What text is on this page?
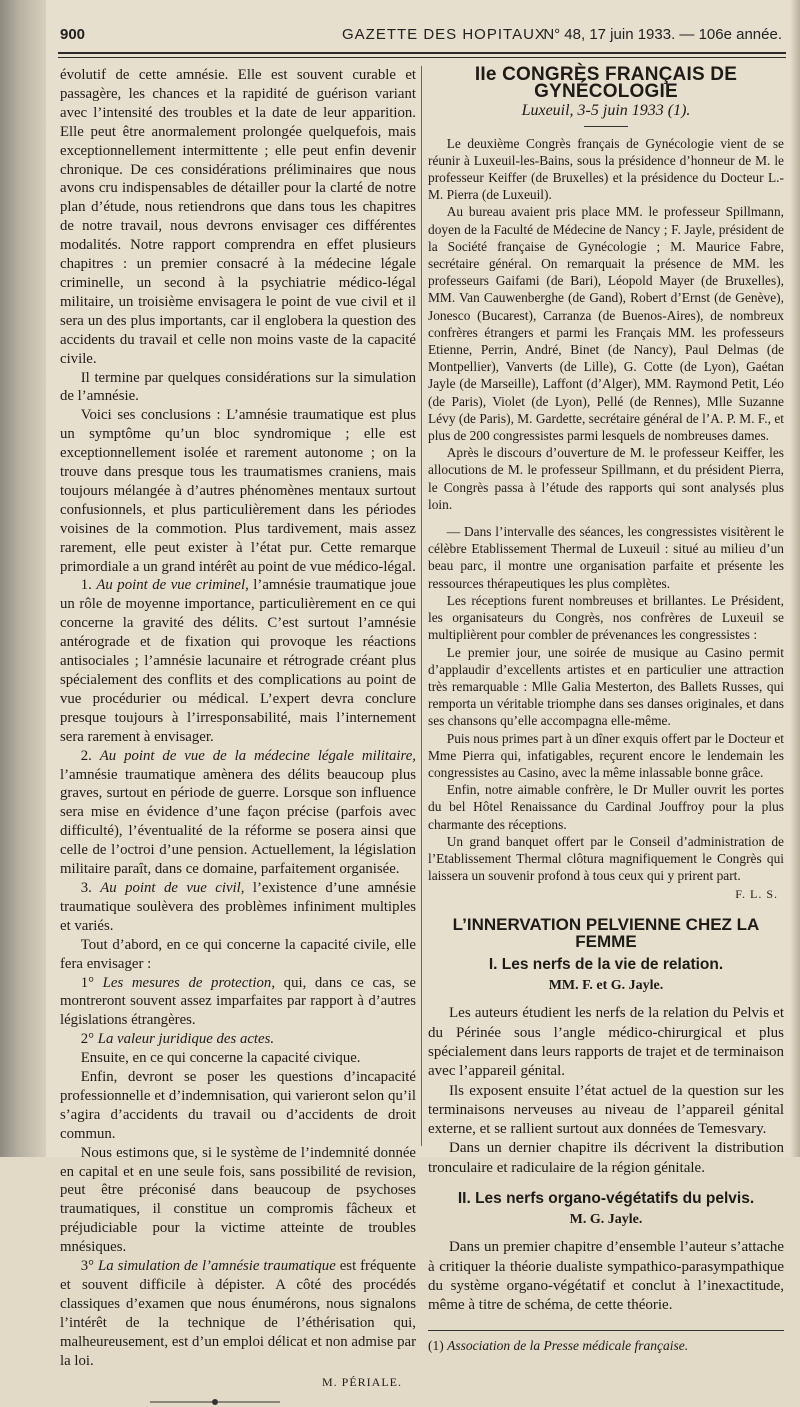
900	GAZETTE DES HOPITAUX
N° 48, 17 juin 1933. — 106e année.

évolutif de cette amnésie. Elle est souvent curable et passagère, les chances et la rapidité de guérison variant avec l’intensité des troubles et la date de leur apparition. Elle peut être anormalement prolongée quelquefois, mais exceptionnellement intermittente ; elle peut enfin devenir chronique. De ces considérations préliminaires que nous avons cru indispensables de détailler pour la clarté de notre plan d’étude, nous retiendrons que dans tous les chapitres de notre travail, nous devrons envisager ces différentes modalités. Notre rapport comprendra en effet plusieurs chapitres : un premier consacré à la médecine légale criminelle, un second à la psychiatrie médico-légal militaire, un troisième envisagera le point de vue civil et il sera un des plus importants, car il englobera la question des accidents du travail et celle non moins vaste de la capacité civile.

Il termine par quelques considérations sur la simulation de l’amnésie.

Voici ses conclusions : L’amnésie traumatique est plus un symptôme qu’un bloc syndromique ; elle est exceptionnellement isolée et rarement autonome ; on la trouve dans presque tous les traumatismes craniens, mais toujours mélangée à d’autres phénomènes mentaux surtout confusionnels, et plus particulièrement dans les périodes voisines de la commotion. Plus tardivement, mais assez rarement, elle peut exister à l’état pur. Cette remarque primordiale a un grand intérêt au point de vue médico-légal.

1. Au point de vue criminel, l’amnésie traumatique joue un rôle de moyenne importance, particulièrement en ce qui concerne la gravité des délits. C’est surtout l’amnésie antérograde et de fixation qui provoque les réactions antisociales ; l’amnésie lacunaire et rétrograde créant plus spécialement des conflits et des complications au point de vue procédurier ou médical. L’expert devra conclure presque toujours à l’irresponsabilité, mais l’internement sera rarement à envisager.

2. Au point de vue de la médecine légale militaire, l’amnésie traumatique amènera des délits beaucoup plus graves, surtout en période de guerre. Lorsque son influence sera mise en évidence d’une façon précise (parfois avec difficulté), l’éventualité de la réforme se posera ainsi que celle de l’octroi d’une pension. Actuellement, la législation militaire paraît, dans ce domaine, parfaitement organisée.

3. Au point de vue civil, l’existence d’une amnésie traumatique soulèvera des problèmes infiniment multiples et variés.

Tout d’abord, en ce qui concerne la capacité civile, elle fera envisager :

1° Les mesures de protection, qui, dans ce cas, se montreront souvent assez imparfaites par rapport à d’autres législations étrangères.

2° La valeur juridique des actes.

Ensuite, en ce qui concerne la capacité civique.

Enfin, devront se poser les questions d’incapacité professionnelle et d’indemnisation, qui varieront selon qu’il s’agira d’accidents du travail ou d’accidents de droit commun.

Nous estimons que, si le système de l’indemnité donnée en capital et en une seule fois, sans possibilité de revision, peut être préconisé dans beaucoup de psychoses traumatiques, il constitue un compromis fâcheux et préjudiciable pour la victime atteinte de troubles mnésiques.

3° La simulation de l’amnésie traumatique est fréquente et souvent difficile à dépister. A côté des procédés classiques d’examen que nous énumérons, nous signalons l’intérêt de la technique de l’éthérisation qui, malheureusement, est d’un emploi délicat et non admise par la loi.

M. PÉRIALE.
IIe CONGRÈS FRANÇAIS DE GYNÉCOLOGIE
Luxeuil, 3-5 juin 1933 (1).

Le deuxième Congrès français de Gynécologie vient de se réunir à Luxeuil-les-Bains, sous la présidence d’honneur de M. le professeur Keiffer (de Bruxelles) et la présidence du Docteur L.-M. Pierra (de Luxeuil).

Au bureau avaient pris place MM. le professeur Spillmann, doyen de la Faculté de Médecine de Nancy ; F. Jayle, président de la Société française de Gynécologie ; M. Maurice Fabre, secrétaire général. On remarquait la présence de MM. les professeurs Gaifami (de Bari), Léopold Mayer (de Bruxelles), MM. Van Cauwenberghe (de Gand), Robert d’Ernst (de Genève), Jonesco (Bucarest), Carranza (de Buenos-Aires), de nombreux confrères étrangers et parmi les Français MM. les professeurs Etienne, Perrin, André, Binet (de Nancy), Paul Delmas (de Montpellier), Vanverts (de Lille), G. Cotte (de Lyon), Gaétan Jayle (de Marseille), Laffont (d’Alger), MM. Raymond Petit, Léo (de Paris), Violet (de Lyon), Pellé (de Rennes), Mlle Suzanne Lévy (de Paris), M. Gardette, secrétaire général de l’A. P. M. F., et plus de 200 congressistes parmi lesquels de nombreuses dames.

Après le discours d’ouverture de M. le professeur Keiffer, les allocutions de M. le professeur Spillmann, et du président Pierra, le Congrès passa à l’étude des rapports qui sont analysés plus loin.

— Dans l’intervalle des séances, les congressistes visitèrent le célèbre Etablissement Thermal de Luxeuil : situé au milieu d’un beau parc, il montre une organisation parfaite et présente les ressources thérapeutiques les plus complètes.

Les réceptions furent nombreuses et brillantes. Le Président, les organisateurs du Congrès, nos confrères de Luxeuil se multiplièrent pour combler de prévenances les congressistes :

Le premier jour, une soirée de musique au Casino permit d’applaudir d’excellents artistes et en particulier une attraction très remarquable : Mlle Galia Mesterton, des Ballets Russes, qui remporta un véritable triomphe dans ses danses originales, et dans ses chansons qu’elle accompagna elle-même.

Puis nous primes part à un dîner exquis offert par le Docteur et Mme Pierra qui, infatigables, reçurent encore le lendemain les congressistes au Casino, avec la même inlassable bonne grâce.

Enfin, notre aimable confrère, le Dr Muller ouvrit les portes du bel Hôtel Renaissance du Cardinal Jouffroy pour la plus charmante des réceptions.

Un grand banquet offert par le Conseil d’administration de l’Etablissement Thermal clôtura magnifiquement le Congrès qui laissera un souvenir profond à tous ceux qui y prirent part.

F. L. S.
L’INNERVATION PELVIENNE CHEZ LA FEMME
I. Les nerfs de la vie de relation.
MM. F. et G. Jayle.

Les auteurs étudient les nerfs de la relation du Pelvis et du Périnée sous l’angle médico-chirurgical et plus spécialement dans leurs rapports de trajet et de terminaison avec l’appareil génital.

Ils exposent ensuite l’état actuel de la question sur les terminaisons nerveuses au niveau de l’appareil génital externe, et se rallient surtout aux données de Temesvary.

Dans un dernier chapitre ils décrivent la distribution tronculaire et radiculaire de la région génitale.

II. Les nerfs organo-végétatifs du pelvis.
M. G. Jayle.

Dans un premier chapitre d’ensemble l’auteur s’attache à critiquer la théorie dualiste sympathico-parasympathique du système organo-végétatif et conclut à l’inexactitude, même à titre de schéma, de cette théorie.

(1) Association de la Presse médicale française.
